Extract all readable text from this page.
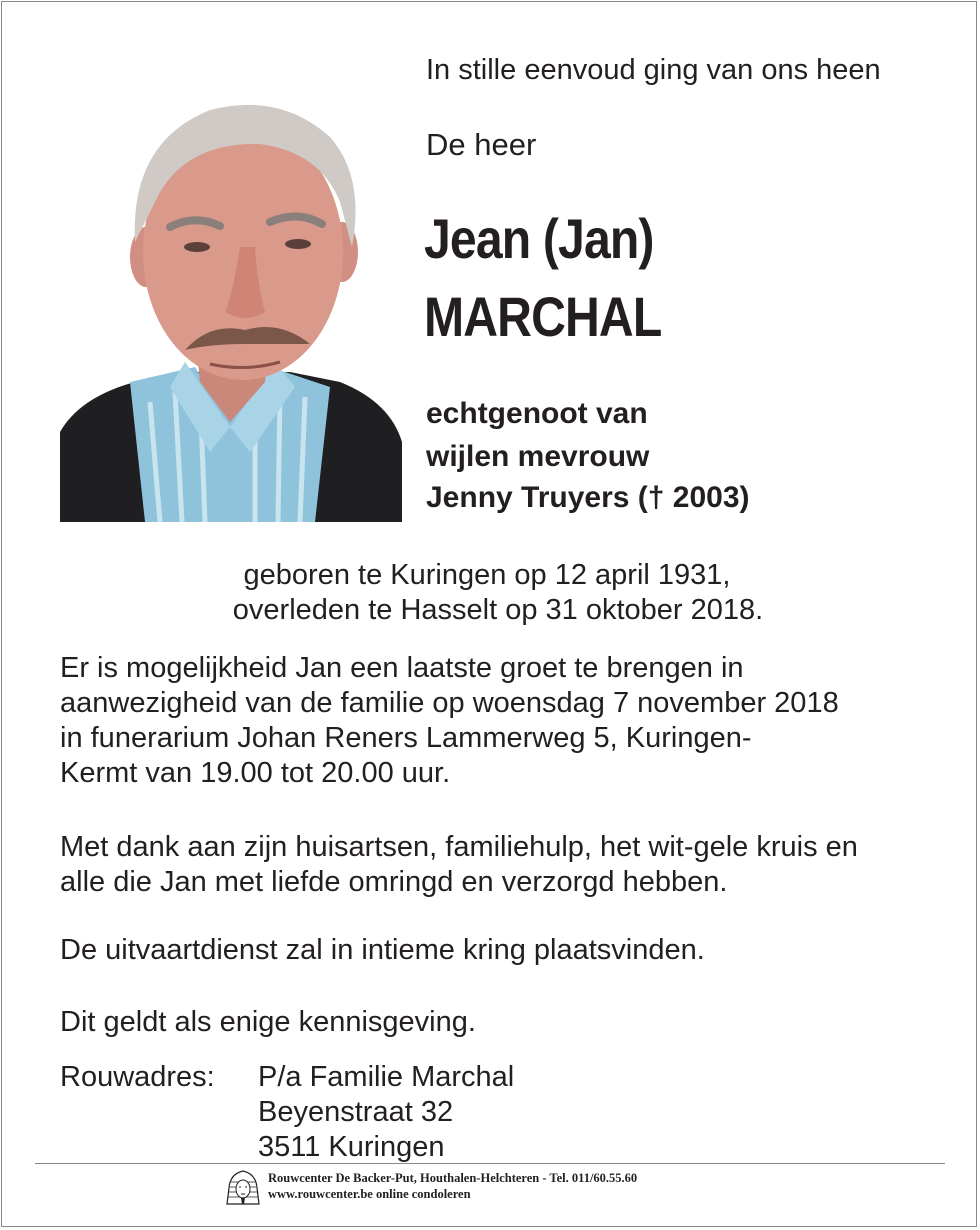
In stille eenvoud ging van ons heen
De heer
Jean (Jan)
MARCHAL
echtgenoot van
wijlen mevrouw
Jenny Truyers († 2003)
geboren te Kuringen op 12 april 1931,
overleden te Hasselt op 31 oktober 2018.
Er is mogelijkheid Jan een laatste groet te brengen in
aanwezigheid van de familie op woensdag 7 november 2018
in funerarium Johan Reners Lammerweg 5, Kuringen-
Kermt van 19.00 tot 20.00 uur.
Met dank aan zijn huisartsen, familiehulp, het wit-gele kruis en
alle die Jan met liefde omringd en verzorgd hebben.
De uitvaartdienst zal in intieme kring plaatsvinden.
Dit geldt als enige kennisgeving.
Rouwadres: P/a Familie Marchal
Beyenstraat 32
3511 Kuringen
Rouwcenter De Backer-Put, Houthalen-Helchteren - Tel. 011/60.55.60
www.rouwcenter.be online condoleren
